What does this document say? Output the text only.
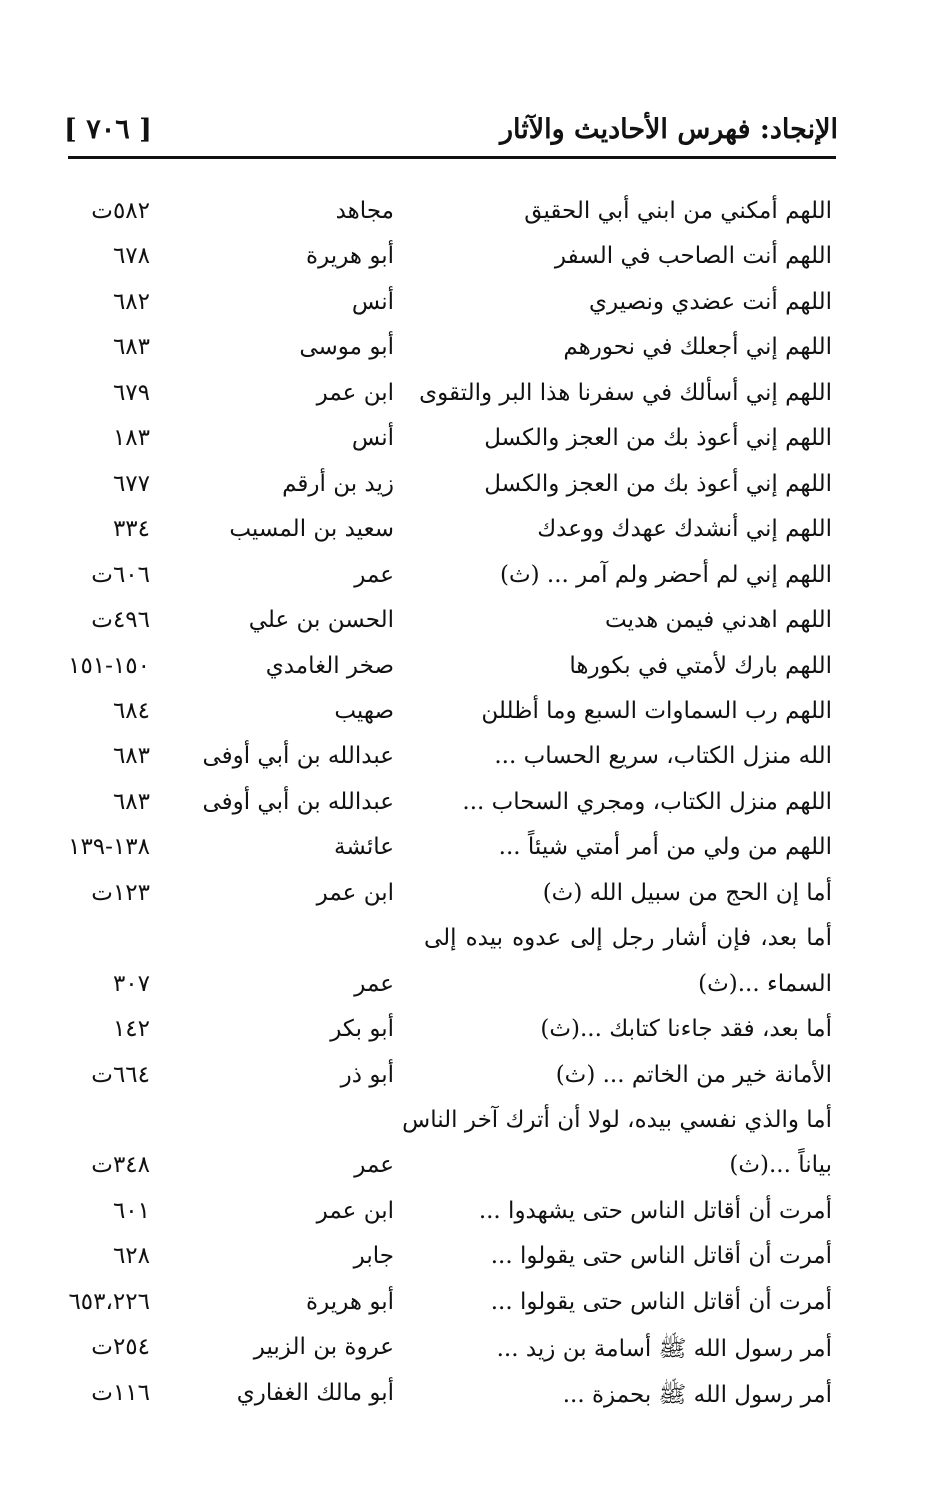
الإنجاد: فهرس الأحاديث والآثار
[ ٧٠٦ ]
اللهم أمكني من ابني أبي الحقيق
مجاهد
٥٨٢ت
اللهم أنت الصاحب في السفر
أبو هريرة
٦٧٨
اللهم أنت عضدي ونصيري
أنس
٦٨٢
اللهم إني أجعلك في نحورهم
أبو موسى
٦٨٣
اللهم إني أسألك في سفرنا هذا البر والتقوى
ابن عمر
٦٧٩
اللهم إني أعوذ بك من العجز والكسل
أنس
١٨٣
اللهم إني أعوذ بك من العجز والكسل
زيد بن أرقم
٦٧٧
اللهم إني أنشدك عهدك ووعدك
سعيد بن المسيب
٣٣٤
اللهم إني لم أحضر ولم آمر ... (ث)
عمر
٦٠٦ت
اللهم اهدني فيمن هديت
الحسن بن علي
٤٩٦ت
اللهم بارك لأمتي في بكورها
صخر الغامدي
١٥٠-١٥١
اللهم رب السماوات السبع وما أظللن
صهيب
٦٨٤
الله منزل الكتاب، سريع الحساب ...
عبدالله بن أبي أوفى
٦٨٣
اللهم منزل الكتاب، ومجري السحاب ...
عبدالله بن أبي أوفى
٦٨٣
اللهم من ولي من أمر أمتي شيئاً ...
عائشة
١٣٨-١٣٩
أما إن الحج من سبيل الله (ث)
ابن عمر
١٢٣ت
أما بعد، فإن أشار رجل إلى عدوه بيده إلى
السماء ...(ث)
عمر
٣٠٧
أما بعد، فقد جاءنا كتابك ...(ث)
أبو بكر
١٤٢
الأمانة خير من الخاتم ... (ث)
أبو ذر
٦٦٤ت
أما والذي نفسي بيده، لولا أن أترك آخر الناس
بياناً ...(ث)
عمر
٣٤٨ت
أمرت أن أقاتل الناس حتى يشهدوا ...
ابن عمر
٦٠١
أمرت أن أقاتل الناس حتى يقولوا ...
جابر
٦٢٨
أمرت أن أقاتل الناس حتى يقولوا ...
أبو هريرة
٦٥٣،٢٢٦
أمر رسول الله ﷺ أسامة بن زيد ...
عروة بن الزبير
٢٥٤ت
أمر رسول الله ﷺ بحمزة ...
أبو مالك الغفاري
١١٦ت
